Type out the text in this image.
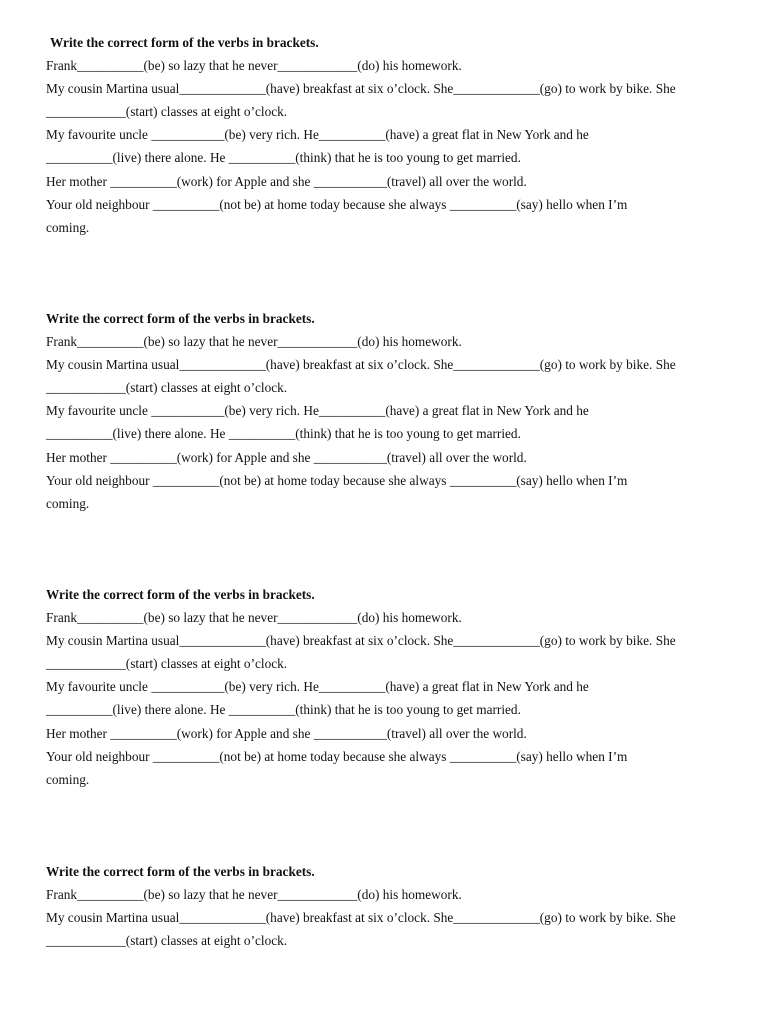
Write the correct form of the verbs in brackets.
Frank__________(be) so lazy that he never____________(do) his homework.
My cousin Martina usual_____________(have) breakfast at six o’clock. She_____________(go) to work by bike. She
____________(start) classes at eight o’clock.
My favourite uncle ___________(be) very rich. He__________(have) a great flat in New York and he
__________(live) there alone. He __________(think) that he is too young to get married.
Her mother __________(work) for Apple and she ___________(travel) all over the world.
Your old neighbour __________(not be) at home today because she always __________(say) hello when I’m
coming.
Write the correct form of the verbs in brackets.
Frank__________(be) so lazy that he never____________(do) his homework.
My cousin Martina usual_____________(have) breakfast at six o’clock. She_____________(go) to work by bike. She
____________(start) classes at eight o’clock.
My favourite uncle ___________(be) very rich. He__________(have) a great flat in New York and he
__________(live) there alone. He __________(think) that he is too young to get married.
Her mother __________(work) for Apple and she ___________(travel) all over the world.
Your old neighbour __________(not be) at home today because she always __________(say) hello when I’m
coming.
Write the correct form of the verbs in brackets.
Frank__________(be) so lazy that he never____________(do) his homework.
My cousin Martina usual_____________(have) breakfast at six o’clock. She_____________(go) to work by bike. She
____________(start) classes at eight o’clock.
My favourite uncle ___________(be) very rich. He__________(have) a great flat in New York and he
__________(live) there alone. He __________(think) that he is too young to get married.
Her mother __________(work) for Apple and she ___________(travel) all over the world.
Your old neighbour __________(not be) at home today because she always __________(say) hello when I’m
coming.
Write the correct form of the verbs in brackets.
Frank__________(be) so lazy that he never____________(do) his homework.
My cousin Martina usual_____________(have) breakfast at six o’clock. She_____________(go) to work by bike. She
____________(start) classes at eight o’clock.
